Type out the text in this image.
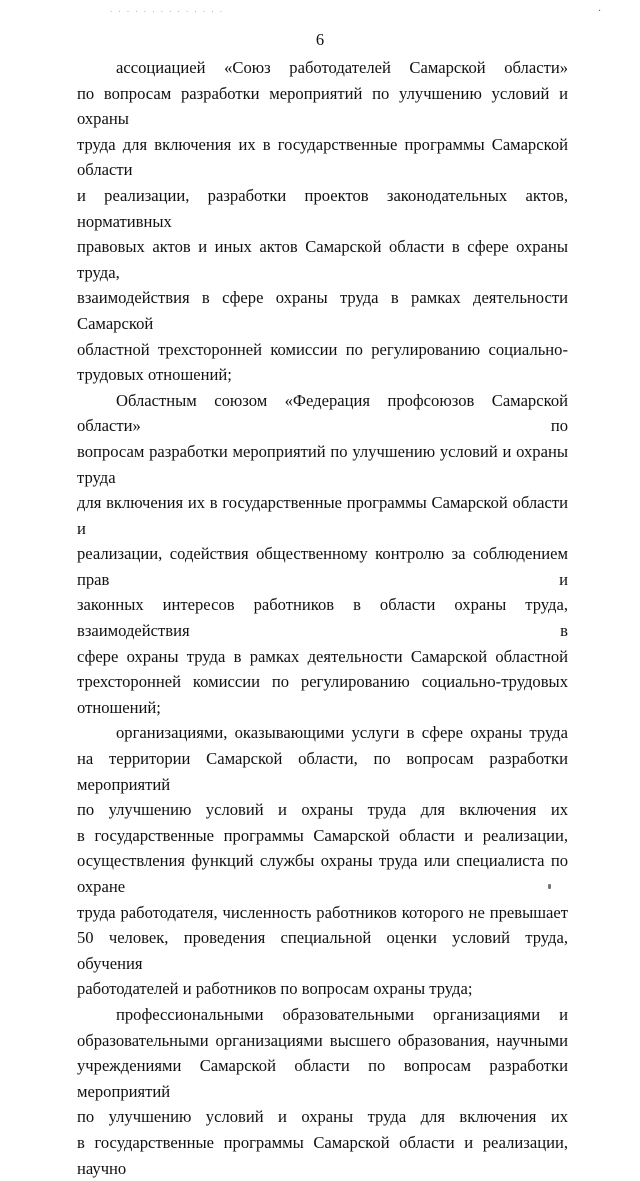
· · · · · · · · · · · · · ·	·
6

ассоциацией «Союз работодателей Самарской области»
по вопросам разработки мероприятий по улучшению условий и охраны
труда для включения их в государственные программы Самарской области
и реализации, разработки проектов законодательных актов, нормативных
правовых актов и иных актов Самарской области в сфере охраны труда,
взаимодействия в сфере охраны труда в рамках деятельности Самарской
областной трехсторонней комиссии по регулированию социально-
трудовых отношений;

Областным союзом «Федерация профсоюзов Самарской области» по
вопросам разработки мероприятий по улучшению условий и охраны труда
для включения их в государственные программы Самарской области и
реализации, содействия общественному контролю за соблюдением прав и
законных интересов работников в области охраны труда, взаимодействия в
сфере охраны труда в рамках деятельности Самарской областной
трехсторонней комиссии по регулированию социально-трудовых
отношений;

организациями, оказывающими услуги в сфере охраны труда
на территории Самарской области, по вопросам разработки мероприятий
по улучшению условий и охраны труда для включения их
в государственные программы Самарской области и реализации,
осуществления функций службы охраны труда или специалиста по охране
труда работодателя, численность работников которого не превышает
50 человек, проведения специальной оценки условий труда, обучения
работодателей и работников по вопросам охраны труда;

профессиональными образовательными организациями и
образовательными организациями высшего образования, научными
учреждениями Самарской области по вопросам разработки мероприятий
по улучшению условий и охраны труда для включения их
в государственные программы Самарской области и реализации, научно
